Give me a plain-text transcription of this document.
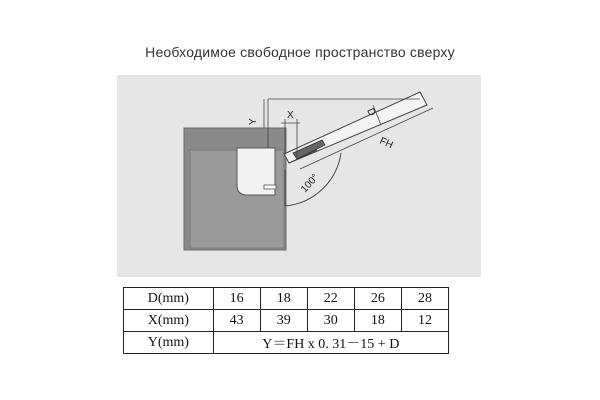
Необходимое свободное пространство сверху
Y
X	D
FH
100°
D(mm)	16	18	22	26	28
X(mm)	43	39	30	18	12
Y(mm)	Y＝FH x 0. 31－15 + D				
